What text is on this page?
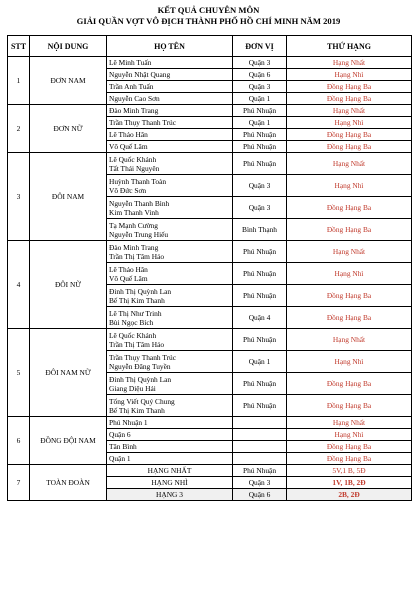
KẾT QUẢ CHUYÊN MÔN
GIẢI QUẦN VỢT VÔ ĐỊCH THÀNH PHỐ HỒ CHÍ MINH NĂM 2019
STT	NỘI DUNG	HỌ TÊN	ĐƠN VỊ	THỨ HẠNG
1	ĐƠN NAM	Lê Minh Tuấn	Quận 3	Hạng Nhất

		Nguyễn Nhật Quang	Quận 6	Hạng Nhì

		Trần Anh Tuấn	Quận 3	Đồng Hạng Ba

		Nguyễn Cao Sơn	Quận 1	Đồng Hạng Ba
2	ĐƠN NỮ	Đào Minh Trang	Phú Nhuận	Hạng Nhất

		Trần Thụy Thanh Trúc	Quận 1	Hạng Nhì

		Lê Thảo Hân	Phú Nhuận	Đồng Hạng Ba

		Võ Quế Lâm	Phú Nhuận	Đồng Hạng Ba
3	ĐÔI NAM	Lê Quốc Khánh
Tất Thái Nguyên	Phú Nhuận	Hạng Nhất

		Huỳnh Thanh Toàn
Võ Đức Sơn	Quận 3	Hạng Nhì

		Nguyễn Thanh Bình
Kim Thanh Vinh	Quận 3	Đồng Hạng Ba

		Tạ Mạnh Cường
Nguyễn Trung Hiếu	Bình Thạnh	Đồng Hạng Ba
4	ĐÔI NỮ	Đào Minh Trang
Trần Thị Tâm Hảo	Phú Nhuận	Hạng Nhất

		Lê Thảo Hân
Võ Quế Lâm	Phú Nhuận	Hạng Nhì

		Đinh Thị Quỳnh Lan
Bế Thị Kim Thanh	Phú Nhuận	Đồng Hạng Ba

		Lê Thị Như Trinh
Bùi Ngọc Bích	Quận 4	Đồng Hạng Ba
5	ĐÔI NAM NỮ	Lê Quốc Khánh
Trần Thị Tâm Hảo	Phú Nhuận	Hạng Nhất

		Trần Thụy Thanh Trúc
Nguyễn Đăng Tuyền	Quận 1	Hạng Nhì

		Đinh Thị Quỳnh Lan
Giang Diệu Hải	Phú Nhuận	Đồng Hạng Ba

		Tống Viết Quý Chung
Bế Thị Kim Thanh	Phú Nhuận	Đồng Hạng Ba
6	ĐỒNG ĐỘI NAM	Phú Nhuận 1		Hạng Nhất

		Quận 6		Hạng Nhì

		Tân Bình		Đồng Hạng Ba

		Quận 1		Đồng Hạng Ba
7	TOÀN ĐOÀN	HẠNG NHẤT	Phú Nhuận	5V,1 B, 5Đ

		HẠNG NHÌ	Quận 3	1V, 1B, 2Đ

		HẠNG 3	Quận 6	2B, 2Đ
